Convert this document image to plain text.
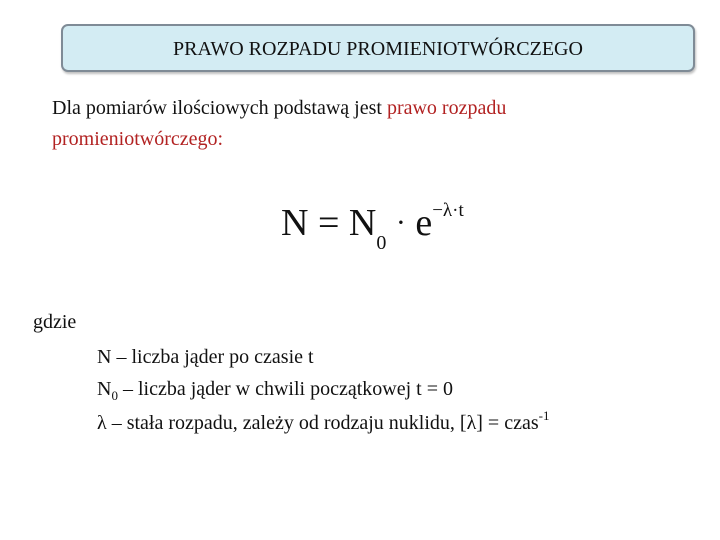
PRAWO ROZPADU PROMIENIOTWÓRCZEGO
Dla pomiarów ilościowych podstawą jest prawo rozpadu
promieniotwórczego:
$N = N_0 \cdot e^{-\lambda\cdot t}$
gdzie
N – liczba jąder po czasie t
$N_0$ – liczba jąder w chwili początkowej t = 0
λ – stała rozpadu, zależy od rodzaju nuklidu, [λ] = czas$^{-1}$
